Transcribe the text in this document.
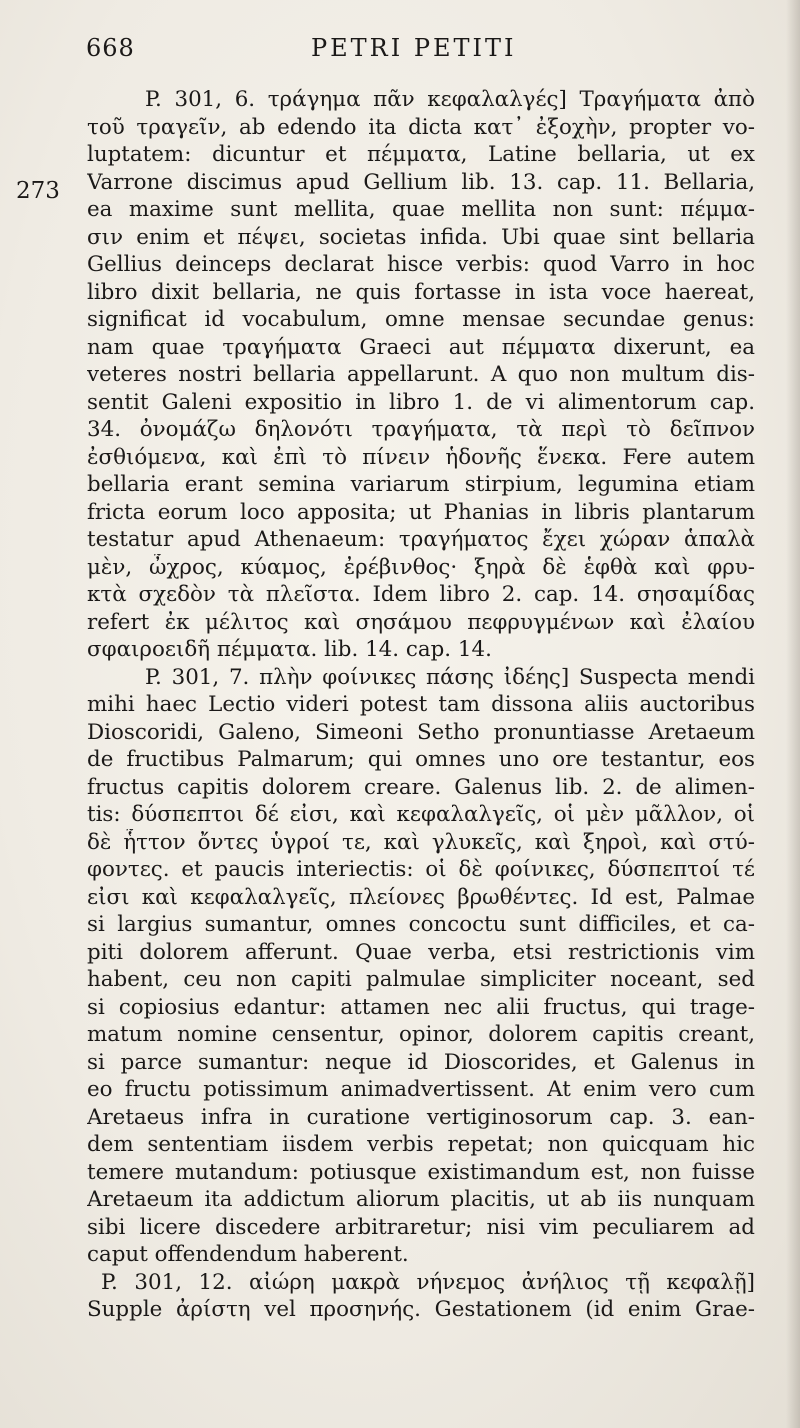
668	PETRI PETITI
273
P. 301, 6. τράγημα πᾶν κεφαλαλγές] Τραγήματα ἀπὸ
τοῦ τραγεῖν, ab edendo ita dicta κατ᾽ ἐξοχὴν, propter vo-
luptatem: dicuntur et πέμματα, Latine bellaria, ut ex
Varrone discimus apud Gellium lib. 13. cap. 11. Bellaria,
ea maxime sunt mellita, quae mellita non sunt: πέμμα-
σιν enim et πέψει, societas infida. Ubi quae sint bellaria
Gellius deinceps declarat hisce verbis: quod Varro in hoc
libro dixit bellaria, ne quis fortasse in ista voce haereat,
significat id vocabulum, omne mensae secundae genus:
nam quae τραγήματα Graeci aut πέμματα dixerunt, ea
veteres nostri bellaria appellarunt. A quo non multum dis-
sentit Galeni expositio in libro 1. de vi alimentorum cap.
34. ὀνομάζω δηλονότι τραγήματα, τὰ περὶ τὸ δεῖπνον
ἐσθιόμενα, καὶ ἐπὶ τὸ πίνειν ἡδονῆς ἕνεκα. Fere autem
bellaria erant semina variarum stirpium, legumina etiam
fricta eorum loco apposita; ut Phanias in libris plantarum
testatur apud Athenaeum: τραγήματος ἔχει χώραν ἁπαλὰ
μὲν, ὦχρος, κύαμος, ἐρέβινθος· ξηρὰ δὲ ἑφθὰ καὶ φρυ-
κτὰ σχεδὸν τὰ πλεῖστα. Idem libro 2. cap. 14. σησαμίδας
refert ἐκ μέλιτος καὶ σησάμου πεφρυγμένων καὶ ἐλαίου
σφαιροειδῆ πέμματα. lib. 14. cap. 14.
P. 301, 7. πλὴν φοίνικες πάσης ἰδέης] Suspecta mendi
mihi haec Lectio videri potest tam dissona aliis auctoribus
Dioscoridi, Galeno, Simeoni Setho pronuntiasse Aretaeum
de fructibus Palmarum; qui omnes uno ore testantur, eos
fructus capitis dolorem creare. Galenus lib. 2. de alimen-
tis: δύσπεπτοι δέ εἰσι, καὶ κεφαλαλγεῖς, οἱ μὲν μᾶλλον, οἱ
δὲ ἧττον ὄντες ὑγροί τε, καὶ γλυκεῖς, καὶ ξηροὶ, καὶ στύ-
φοντες. et paucis interiectis: οἱ δὲ φοίνικες, δύσπεπτοί τέ
εἰσι καὶ κεφαλαλγεῖς, πλείονες βρωθέντες. Id est, Palmae
si largius sumantur, omnes concoctu sunt difficiles, et ca-
piti dolorem afferunt. Quae verba, etsi restrictionis vim
habent, ceu non capiti palmulae simpliciter noceant, sed
si copiosius edantur: attamen nec alii fructus, qui trage-
matum nomine censentur, opinor, dolorem capitis creant,
si parce sumantur: neque id Dioscorides, et Galenus in
eo fructu potissimum animadvertissent. At enim vero cum
Aretaeus infra in curatione vertiginosorum cap. 3. ean-
dem sententiam iisdem verbis repetat; non quicquam hic
temere mutandum: potiusque existimandum est, non fuisse
Aretaeum ita addictum aliorum placitis, ut ab iis nunquam
sibi licere discedere arbitraretur; nisi vim peculiarem ad
caput offendendum haberent.
P. 301, 12. αἰώρη μακρὰ νήνεμος ἀνήλιος τῇ κεφαλῇ]
Supple ἀρίστη vel προσηνής. Gestationem (id enim Grae-
